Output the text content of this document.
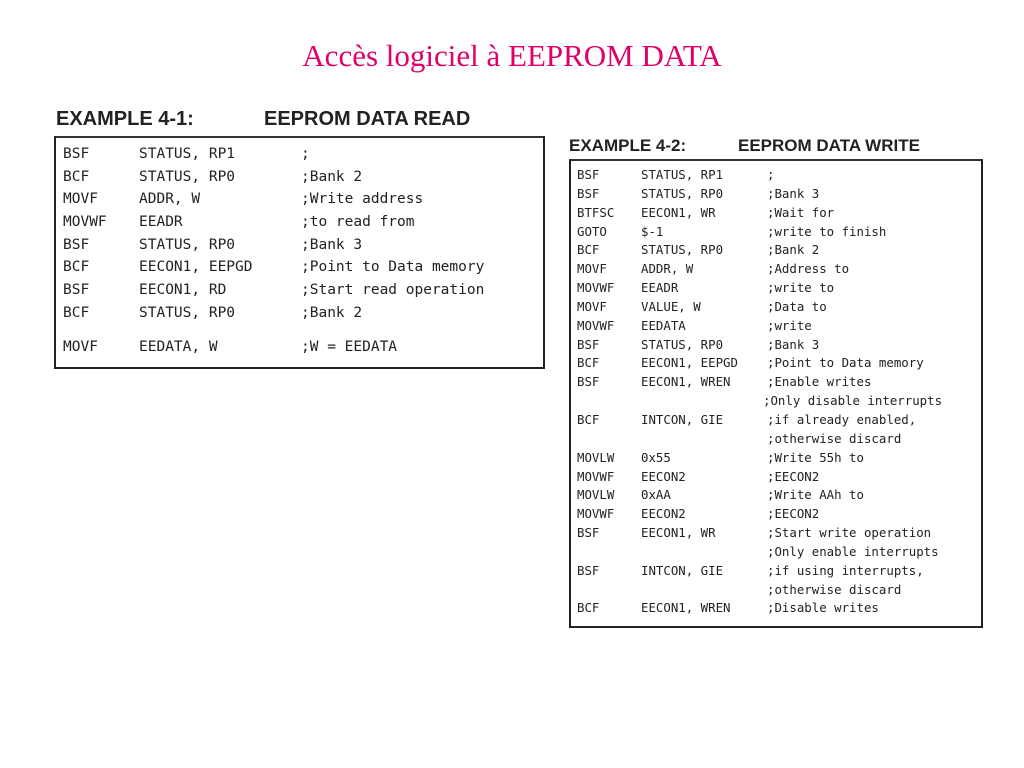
Accès logiciel à EEPROM DATA
EXAMPLE 4-1:	EEPROM DATA READ
BSF	STATUS, RP1	;
BCF	STATUS, RP0	;Bank 2
MOVF	ADDR, W	;Write address
MOVWF	EEADR	;to read from
BSF	STATUS, RP0	;Bank 3
BCF	EECON1, EEPGD	;Point to Data memory
BSF	EECON1, RD	;Start read operation
BCF	STATUS, RP0	;Bank 2
MOVF	EEDATA, W	;W = EEDATA
EXAMPLE 4-2:	EEPROM DATA WRITE
BSF	STATUS, RP1	;
BSF	STATUS, RP0	;Bank 3
BTFSC	EECON1, WR	;Wait for
GOTO	$-1	;write to finish
BCF	STATUS, RP0	;Bank 2
MOVF	ADDR, W	;Address to
MOVWF	EEADR	;write to
MOVF	VALUE, W	;Data to
MOVWF	EEDATA	;write
BSF	STATUS, RP0	;Bank 3
BCF	EECON1, EEPGD	;Point to Data memory
BSF	EECON1, WREN	;Enable writes
;Only disable interrupts
BCF	INTCON, GIE	;if already enabled,
;otherwise discard
MOVLW	0x55	;Write 55h to
MOVWF	EECON2	;EECON2
MOVLW	0xAA	;Write AAh to
MOVWF	EECON2	;EECON2
BSF	EECON1, WR	;Start write operation
;Only enable interrupts
BSF	INTCON, GIE	;if using interrupts,
;otherwise discard
BCF	EECON1, WREN	;Disable writes
